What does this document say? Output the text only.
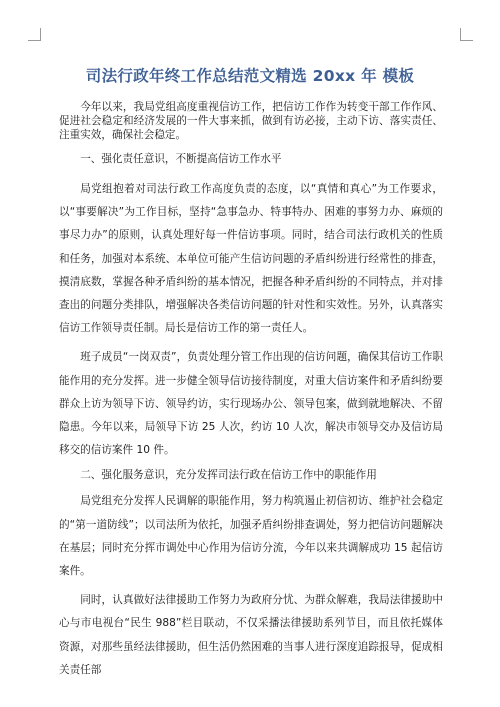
司法行政年终工作总结范文精选 20xx 年 模板

今年以来，我局党组高度重视信访工作，把信访工作作为转变干部工作作风、促进社会稳定和经济发展的一件大事来抓，做到有访必接，主动下访、落实责任、注重实效，确保社会稳定。

一、强化责任意识，不断提高信访工作水平

局党组抱着对司法行政工作高度负责的态度，以“真情和真心”为工作要求，以“事要解决”为工作目标，坚持“急事急办、特事特办、困难的事努力办、麻烦的事尽力办”的原则，认真处理好每一件信访事项。同时，结合司法行政机关的性质和任务，加强对本系统、本单位可能产生信访问题的矛盾纠纷进行经常性的排查，摸清底数，掌握各种矛盾纠纷的基本情况，把握各种矛盾纠纷的不同特点，并对排查出的问题分类排队，增强解决各类信访问题的针对性和实效性。另外，认真落实信访工作领导责任制。局长是信访工作的第一责任人。

班子成员“一岗双责”，负责处理分管工作出现的信访问题，确保其信访工作职能作用的充分发挥。进一步健全领导信访接待制度，对重大信访案件和矛盾纠纷要群众上访为领导下访、领导约访，实行现场办公、领导包案，做到就地解决、不留隐患。今年以来，局领导下访 25 人次，约访 10 人次，解决市领导交办及信访局移交的信访案件 10 件。

二、强化服务意识，充分发挥司法行政在信访工作中的职能作用

局党组充分发挥人民调解的职能作用，努力构筑遏止初信初访、维护社会稳定的“第一道防线”；以司法所为依托，加强矛盾纠纷排查调处，努力把信访问题解决在基层；同时充分挥市调处中心作用为信访分流，今年以来共调解成功 15 起信访案件。

同时，认真做好法律援助工作努力为政府分忧、为群众解难，我局法律援助中心与市电视台“民生 988”栏目联动，不仅采播法律援助系列节目，而且依托媒体资源，对那些虽经法律援助，但生活仍然困难的当事人进行深度追踪报导，促成相关责任部
